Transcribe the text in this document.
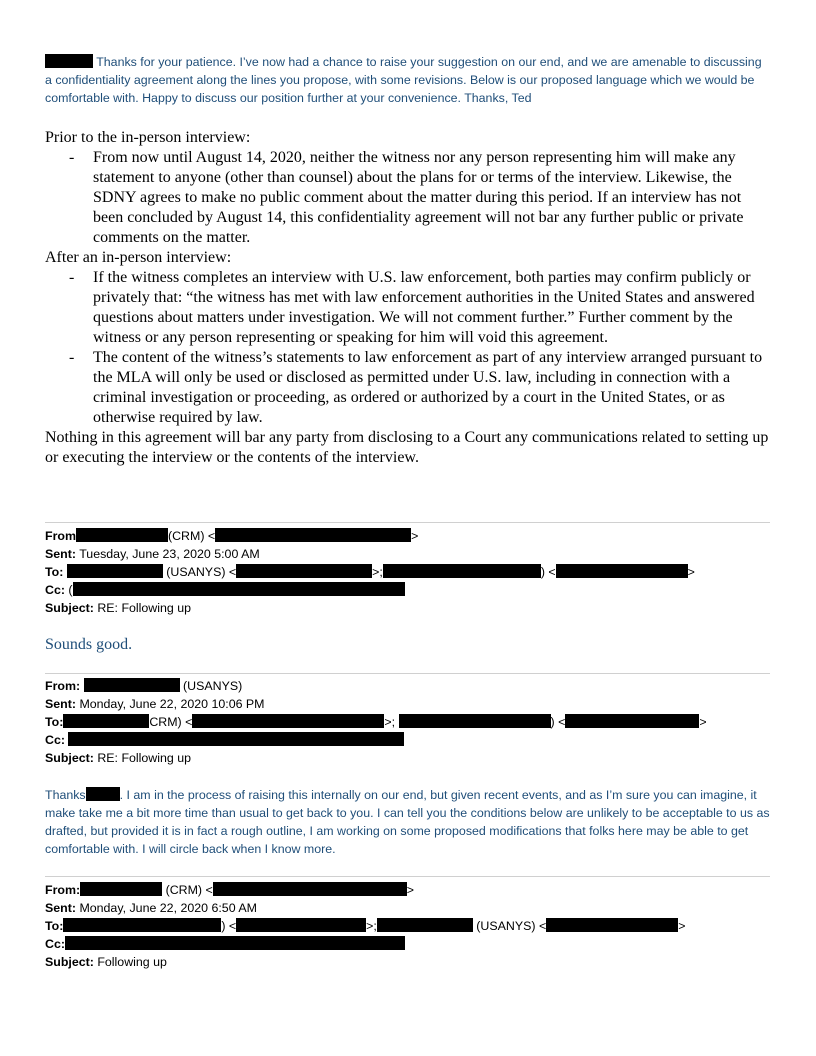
Thanks for your patience. I’ve now had a chance to raise your suggestion on our end, and we are amenable to discussing a confidentiality agreement along the lines you propose, with some revisions. Below is our proposed language which we would be comfortable with. Happy to discuss our position further at your convenience. Thanks, Ted
Prior to the in-person interview:
- From now until August 14, 2020, neither the witness nor any person representing him will make any statement to anyone (other than counsel) about the plans for or terms of the interview. Likewise, the SDNY agrees to make no public comment about the matter during this period. If an interview has not been concluded by August 14, this confidentiality agreement will not bar any further public or private comments on the matter.
After an in-person interview:
- If the witness completes an interview with U.S. law enforcement, both parties may confirm publicly or privately that: “the witness has met with law enforcement authorities in the United States and answered questions about matters under investigation. We will not comment further.” Further comment by the witness or any person representing or speaking for him will void this agreement.
- The content of the witness’s statements to law enforcement as part of any interview arranged pursuant to the MLA will only be used or disclosed as permitted under U.S. law, including in connection with a criminal investigation or proceeding, as ordered or authorized by a court in the United States, or as otherwise required by law.
Nothing in this agreement will bar any party from disclosing to a Court any communications related to setting up or executing the interview or the contents of the interview.
From	(CRM) <	>
Sent: Tuesday, June 23, 2020 5:00 AM
To:	(USANYS) <	>;	) <	>
Cc: (
Subject: RE: Following up
Sounds good.
From:	(USANYS)
Sent: Monday, June 22, 2020 10:06 PM
To:	CRM) <	>;	) <	>
Cc:
Subject: RE: Following up
Thanks	. I am in the process of raising this internally on our end, but given recent events, and as I’m sure you can imagine, it make take me a bit more time than usual to get back to you. I can tell you the conditions below are unlikely to be acceptable to us as drafted, but provided it is in fact a rough outline, I am working on some proposed modifications that folks here may be able to get comfortable with. I will circle back when I know more.
From:	(CRM) <	>
Sent: Monday, June 22, 2020 6:50 AM
To:	) <	>;	(USANYS) <	>
Cc:
Subject: Following up
